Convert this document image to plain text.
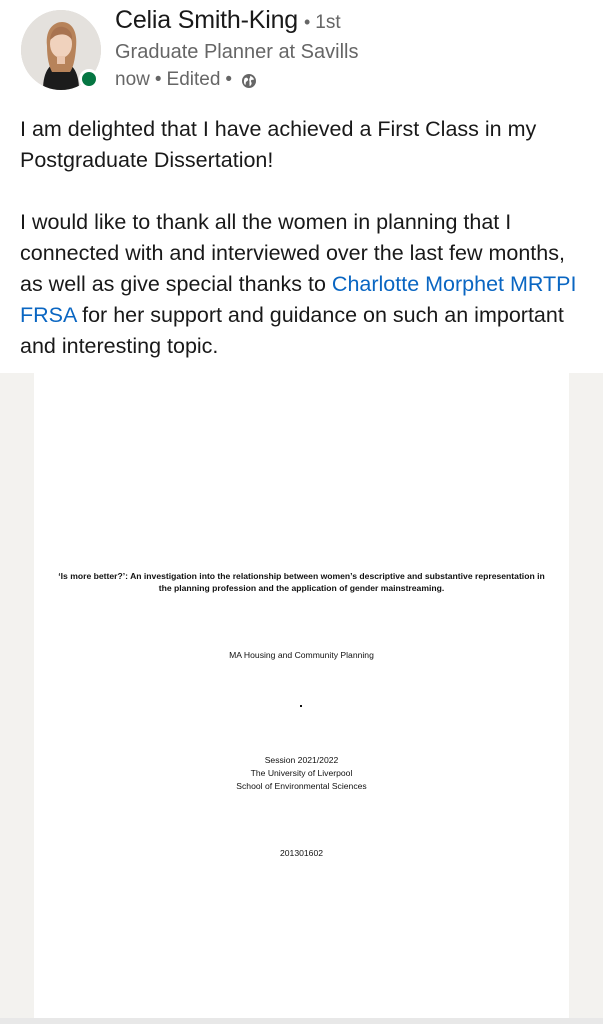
Celia Smith-King • 1st
Graduate Planner at Savills
now • Edited •

I am delighted that I have achieved a First Class in my Postgraduate Dissertation!

I would like to thank all the women in planning that I connected with and interviewed over the last few months, as well as give special thanks to Charlotte Morphet MRTPI FRSA for her support and guidance on such an important and interesting topic.

‘Is more better?’: An investigation into the relationship between women’s descriptive and substantive representation in the planning profession and the application of gender mainstreaming.
MA Housing and Community Planning
Session 2021/2022
The University of Liverpool
School of Environmental Sciences
201301602
